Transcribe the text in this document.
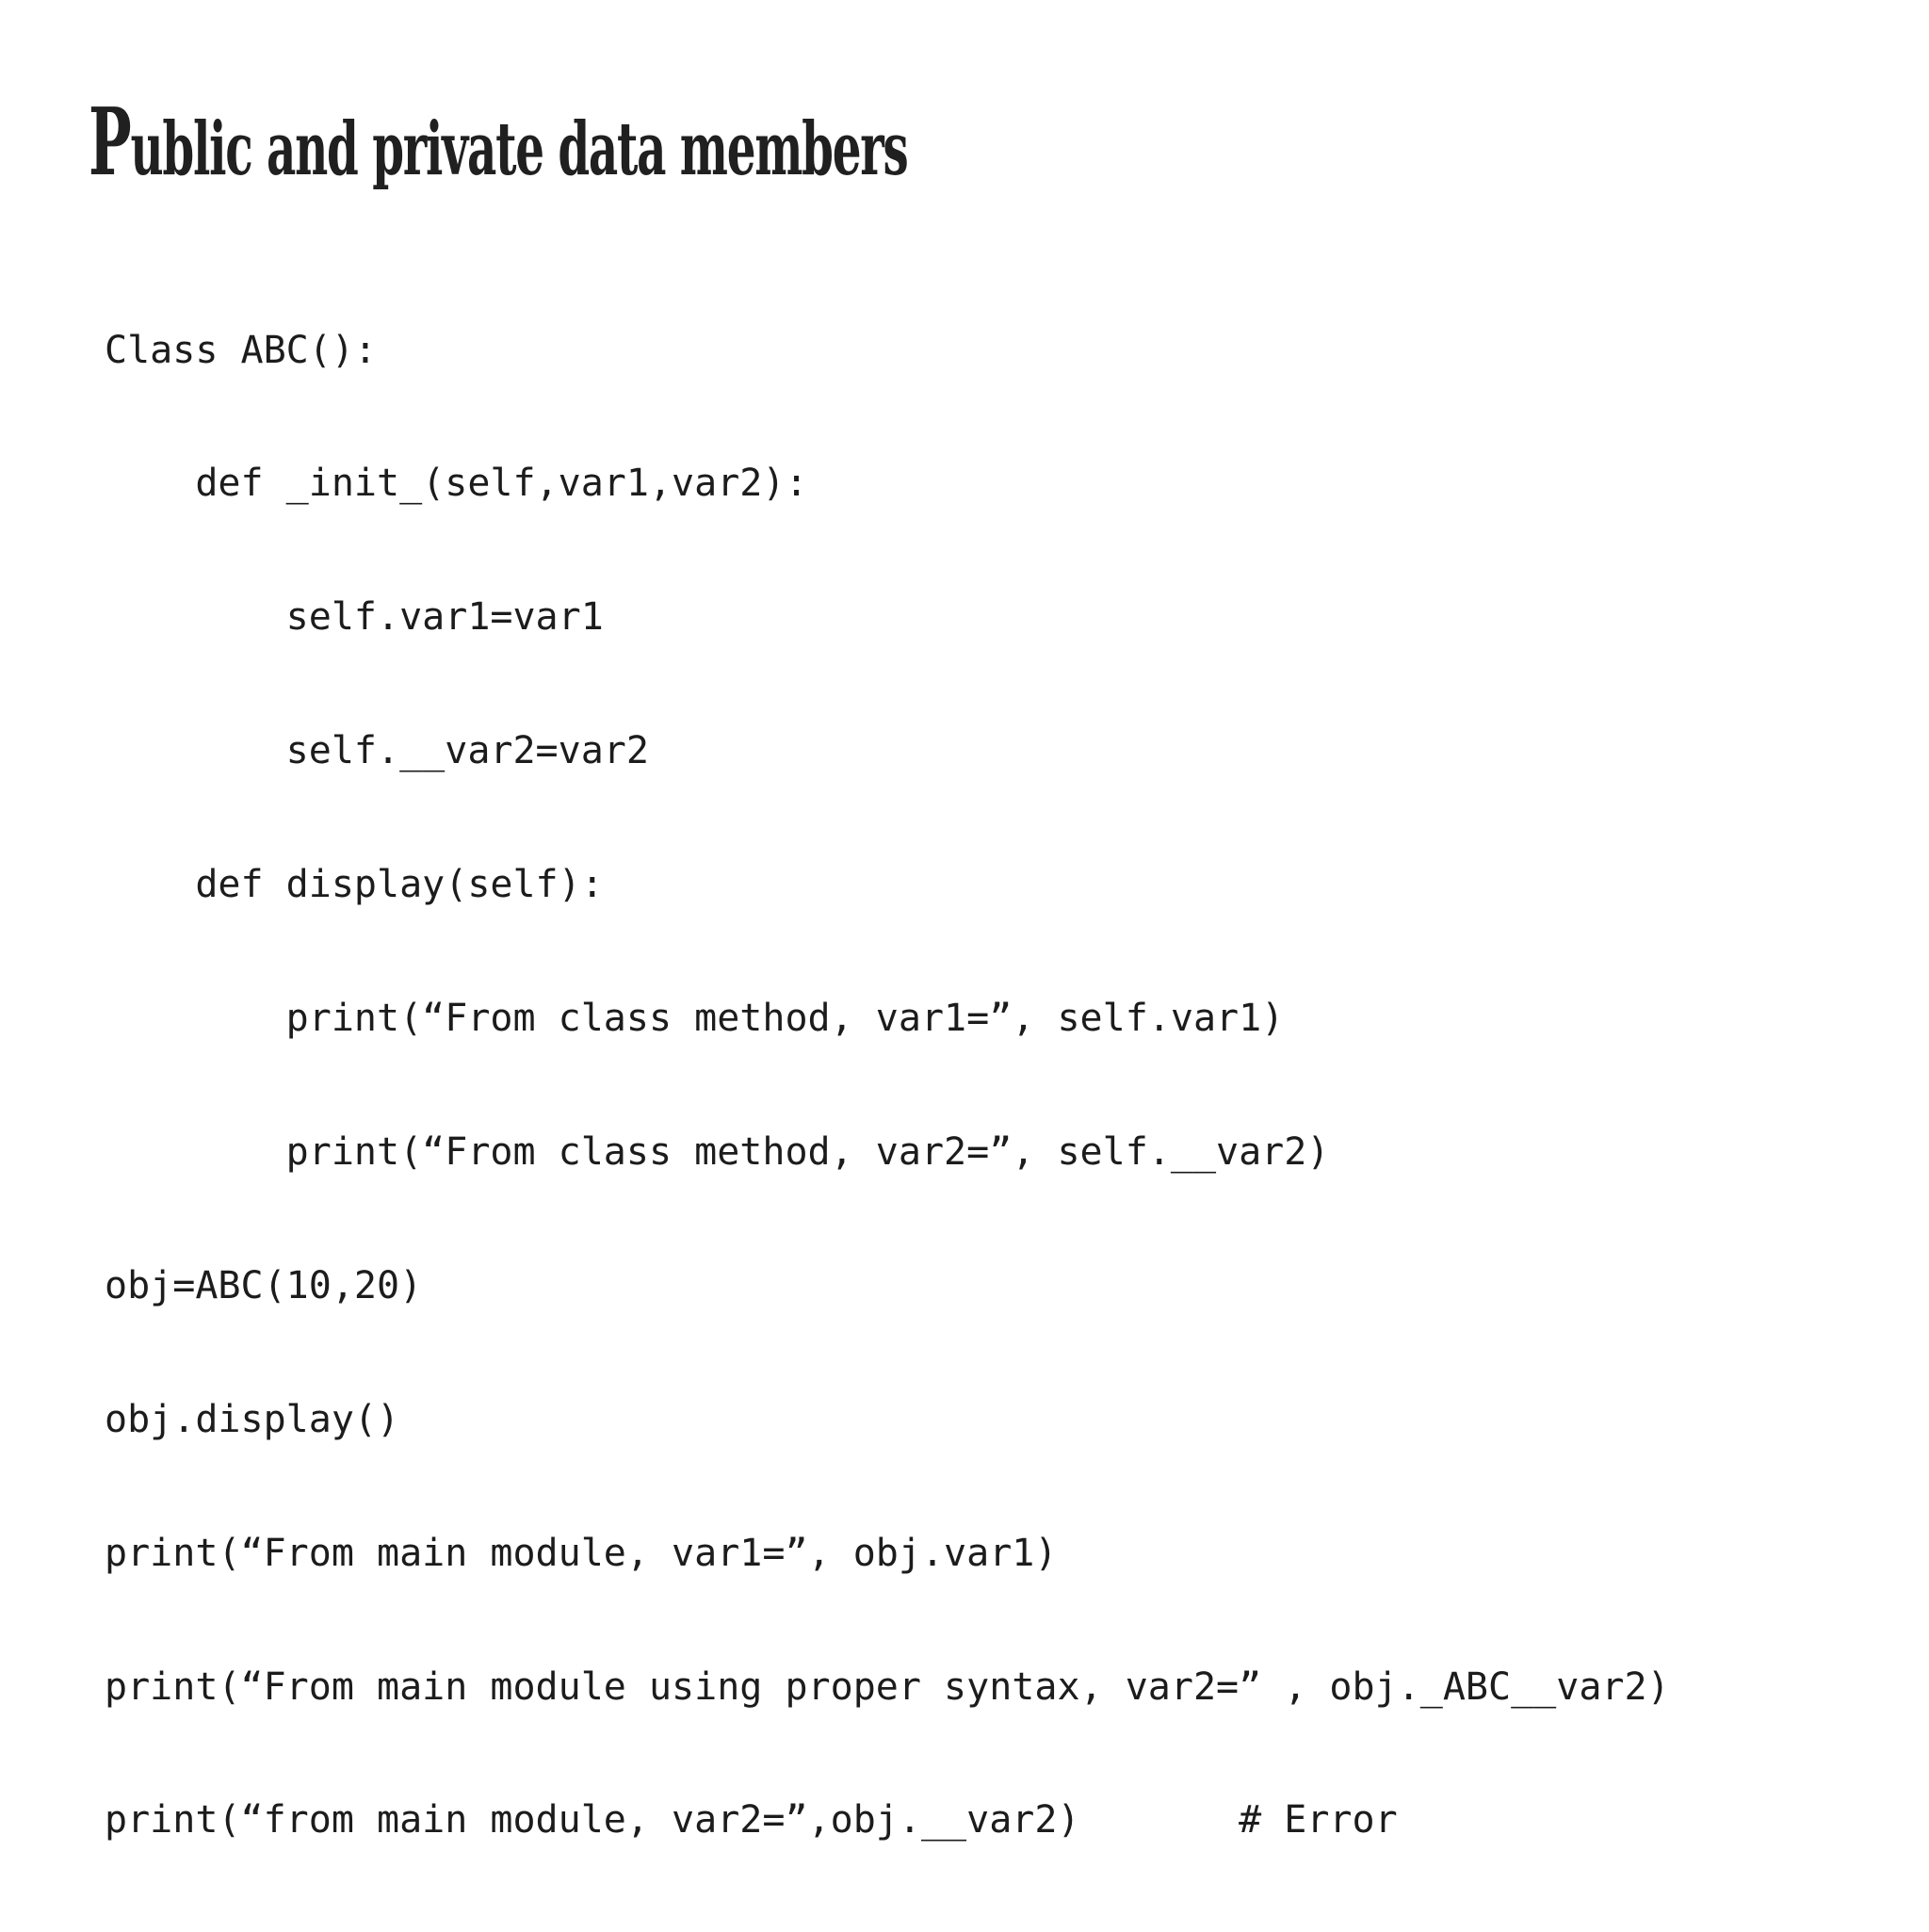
Public and private data members

Class ABC():

def _init_(self,var1,var2):

self.var1=var1

self.__var2=var2

def display(self):

print(“From class method, var1=”, self.var1)

print(“From class method, var2=”, self.__var2)

obj=ABC(10,20)

obj.display()

print(“From main module, var1=”, obj.var1)

print(“From main module using proper syntax, var2=” , obj._ABC__var2)

print(“from main module, var2=”,obj.__var2)       # Error
